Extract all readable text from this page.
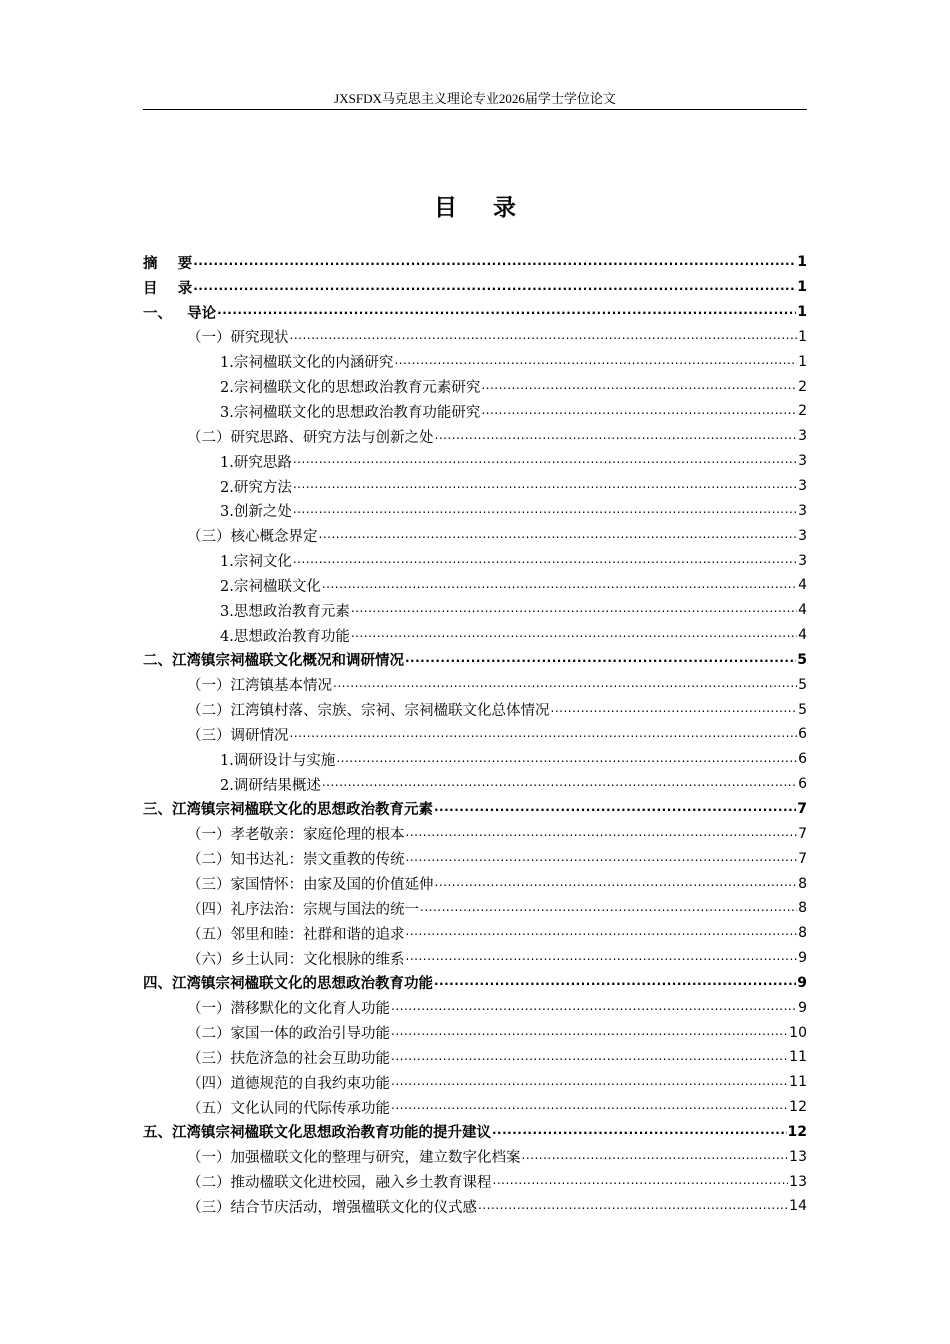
JXSFDX马克思主义理论专业2026届学士学位论文
目 录
摘    要 .....	1
目    录 .....	1
一、   导论 .....	1
（一）研究现状 .....	1
1.宗祠楹联文化的内涵研究 .....	1
2.宗祠楹联文化的思想政治教育元素研究 .....	2
3.宗祠楹联文化的思想政治教育功能研究 .....	2
（二）研究思路、研究方法与创新之处 .....	3
1.研究思路 .....	3
2.研究方法 .....	3
3.创新之处 .....	3
（三）核心概念界定 .....	3
1.宗祠文化 .....	3
2.宗祠楹联文化 .....	4
3.思想政治教育元素 .....	4
4.思想政治教育功能 .....	4
二、江湾镇宗祠楹联文化概况和调研情况 .....	5
（一）江湾镇基本情况 .....	5
（二）江湾镇村落、宗族、宗祠、宗祠楹联文化总体情况 .....	5
（三）调研情况 .....	6
1.调研设计与实施 .....	6
2.调研结果概述 .....	6
三、江湾镇宗祠楹联文化的思想政治教育元素 .....	7
（一）孝老敬亲：家庭伦理的根本 .....	7
（二）知书达礼：崇文重教的传统 .....	7
（三）家国情怀：由家及国的价值延伸 .....	8
（四）礼序法治：宗规与国法的统一 .....	8
（五）邻里和睦：社群和谐的追求 .....	8
（六）乡土认同：文化根脉的维系 .....	9
四、江湾镇宗祠楹联文化的思想政治教育功能 .....	9
（一）潜移默化的文化育人功能 .....	9
（二）家国一体的政治引导功能 .....	10
（三）扶危济急的社会互助功能 .....	11
（四）道德规范的自我约束功能 .....	11
（五）文化认同的代际传承功能 .....	12
五、江湾镇宗祠楹联文化思想政治教育功能的提升建议 .....	12
（一）加强楹联文化的整理与研究，建立数字化档案 .....	13
（二）推动楹联文化进校园，融入乡土教育课程 .....	13
（三）结合节庆活动，增强楹联文化的仪式感 .....	14
